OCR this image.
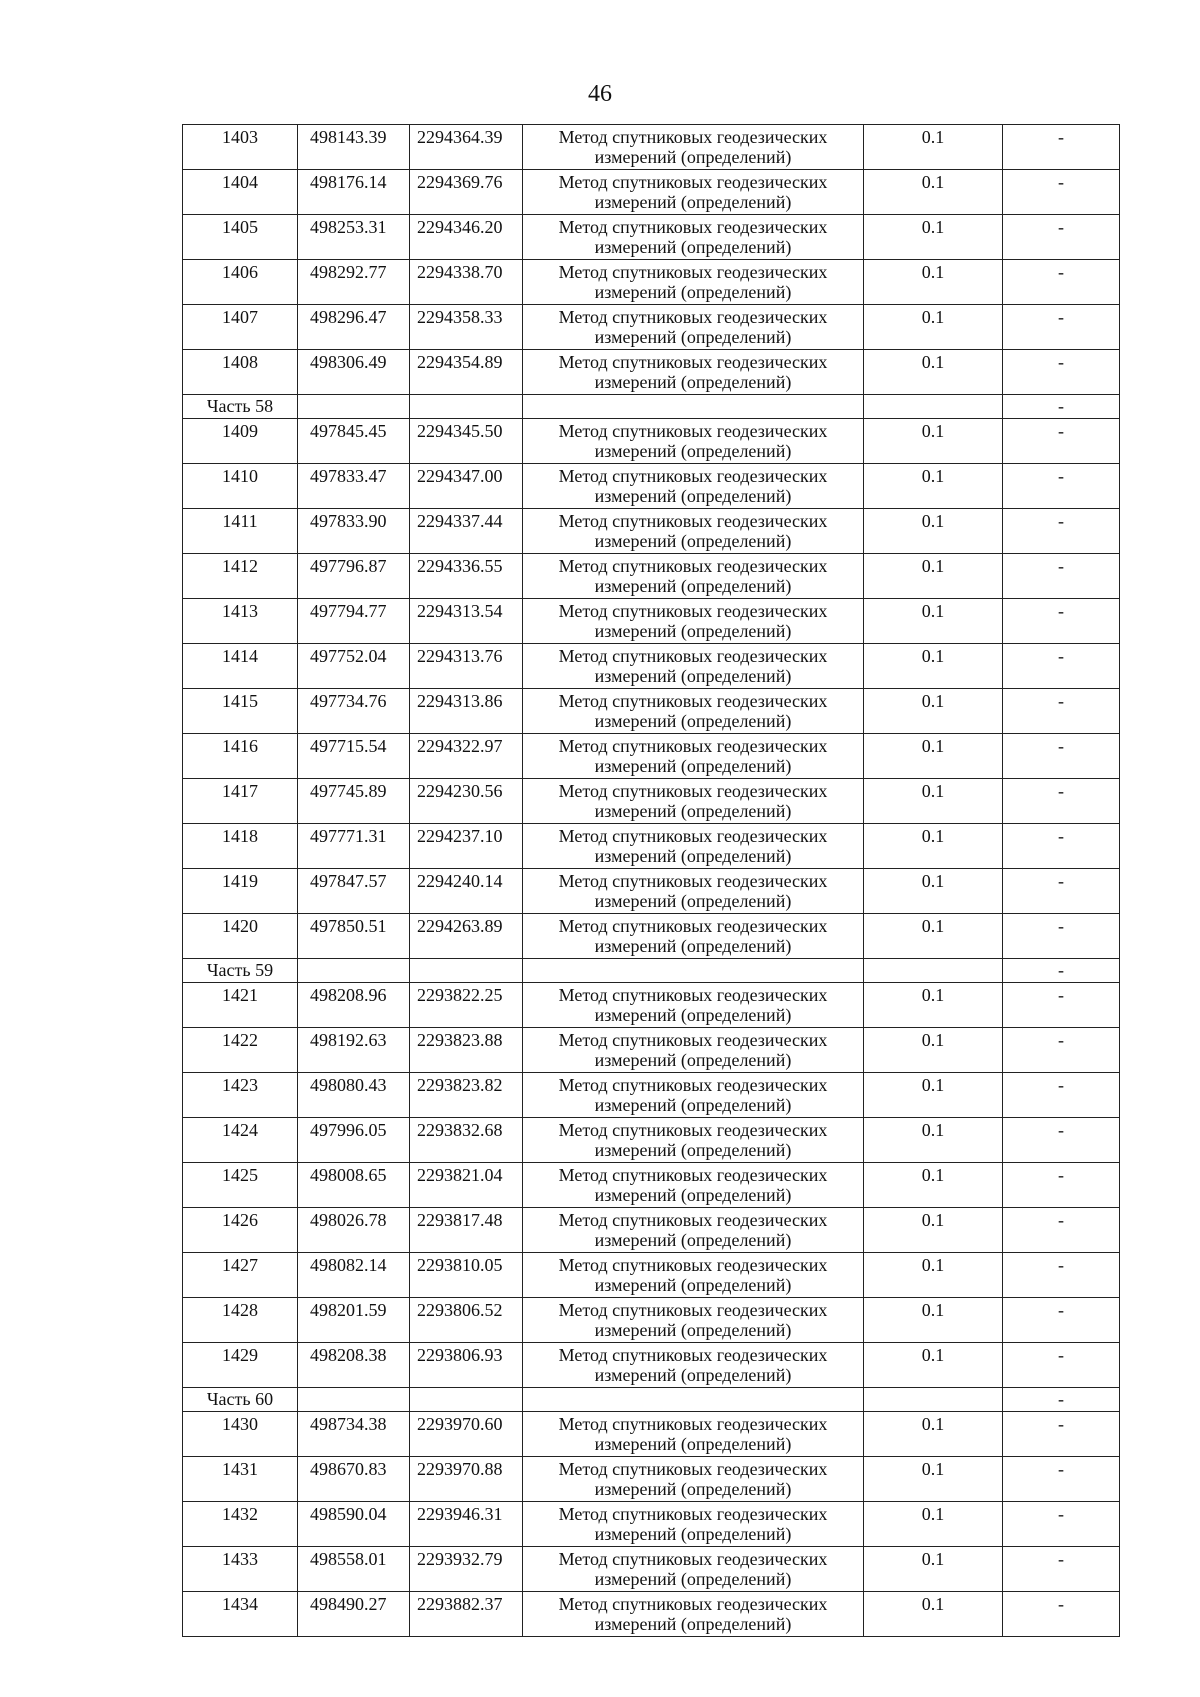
46
1403	498143.39	2294364.39	Метод спутниковых геодезических измерений (определений)	0.1	-
1404	498176.14	2294369.76	Метод спутниковых геодезических измерений (определений)	0.1	-
1405	498253.31	2294346.20	Метод спутниковых геодезических измерений (определений)	0.1	-
1406	498292.77	2294338.70	Метод спутниковых геодезических измерений (определений)	0.1	-
1407	498296.47	2294358.33	Метод спутниковых геодезических измерений (определений)	0.1	-
1408	498306.49	2294354.89	Метод спутниковых геодезических измерений (определений)	0.1	-
Часть 58					-
1409	497845.45	2294345.50	Метод спутниковых геодезических измерений (определений)	0.1	-
1410	497833.47	2294347.00	Метод спутниковых геодезических измерений (определений)	0.1	-
1411	497833.90	2294337.44	Метод спутниковых геодезических измерений (определений)	0.1	-
1412	497796.87	2294336.55	Метод спутниковых геодезических измерений (определений)	0.1	-
1413	497794.77	2294313.54	Метод спутниковых геодезических измерений (определений)	0.1	-
1414	497752.04	2294313.76	Метод спутниковых геодезических измерений (определений)	0.1	-
1415	497734.76	2294313.86	Метод спутниковых геодезических измерений (определений)	0.1	-
1416	497715.54	2294322.97	Метод спутниковых геодезических измерений (определений)	0.1	-
1417	497745.89	2294230.56	Метод спутниковых геодезических измерений (определений)	0.1	-
1418	497771.31	2294237.10	Метод спутниковых геодезических измерений (определений)	0.1	-
1419	497847.57	2294240.14	Метод спутниковых геодезических измерений (определений)	0.1	-
1420	497850.51	2294263.89	Метод спутниковых геодезических измерений (определений)	0.1	-
Часть 59					-
1421	498208.96	2293822.25	Метод спутниковых геодезических измерений (определений)	0.1	-
1422	498192.63	2293823.88	Метод спутниковых геодезических измерений (определений)	0.1	-
1423	498080.43	2293823.82	Метод спутниковых геодезических измерений (определений)	0.1	-
1424	497996.05	2293832.68	Метод спутниковых геодезических измерений (определений)	0.1	-
1425	498008.65	2293821.04	Метод спутниковых геодезических измерений (определений)	0.1	-
1426	498026.78	2293817.48	Метод спутниковых геодезических измерений (определений)	0.1	-
1427	498082.14	2293810.05	Метод спутниковых геодезических измерений (определений)	0.1	-
1428	498201.59	2293806.52	Метод спутниковых геодезических измерений (определений)	0.1	-
1429	498208.38	2293806.93	Метод спутниковых геодезических измерений (определений)	0.1	-
Часть 60					-
1430	498734.38	2293970.60	Метод спутниковых геодезических измерений (определений)	0.1	-
1431	498670.83	2293970.88	Метод спутниковых геодезических измерений (определений)	0.1	-
1432	498590.04	2293946.31	Метод спутниковых геодезических измерений (определений)	0.1	-
1433	498558.01	2293932.79	Метод спутниковых геодезических измерений (определений)	0.1	-
1434	498490.27	2293882.37	Метод спутниковых геодезических измерений (определений)	0.1	-
